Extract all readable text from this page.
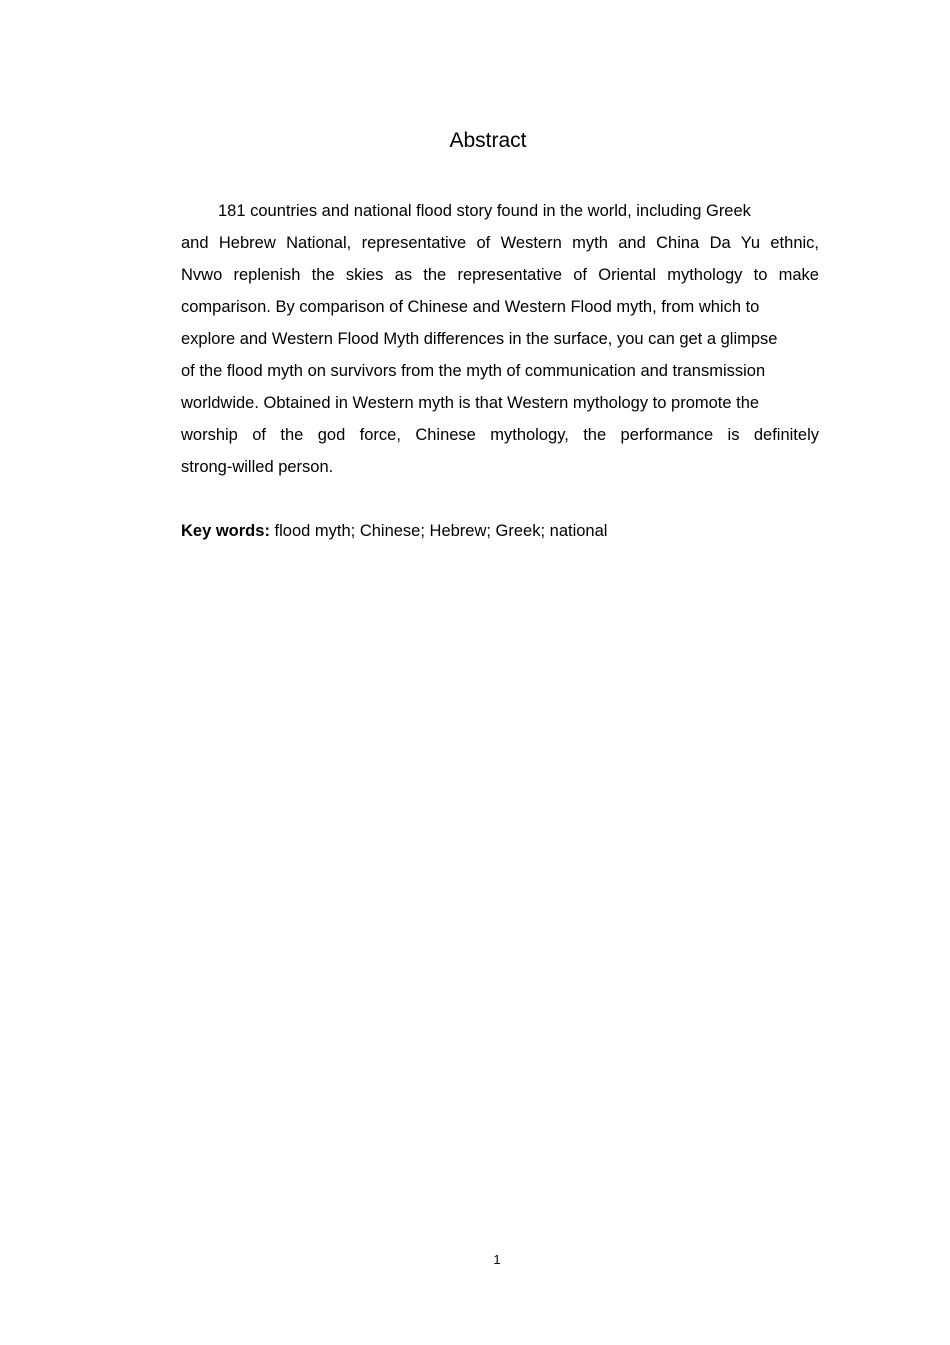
Abstract
181 countries and national flood story found in the world, including Greek
and Hebrew National, representative of Western myth and China Da Yu ethnic,
Nvwo replenish the skies as the representative of Oriental mythology to make
comparison. By comparison of Chinese and Western Flood myth, from which to
explore and Western Flood Myth differences in the surface, you can get a glimpse
of the flood myth on survivors from the myth of communication and transmission
worldwide. Obtained in Western myth is that Western mythology to promote the
worship of the god force, Chinese mythology, the performance is definitely
strong-willed person.

Key words: flood myth; Chinese; Hebrew; Greek; national

1
